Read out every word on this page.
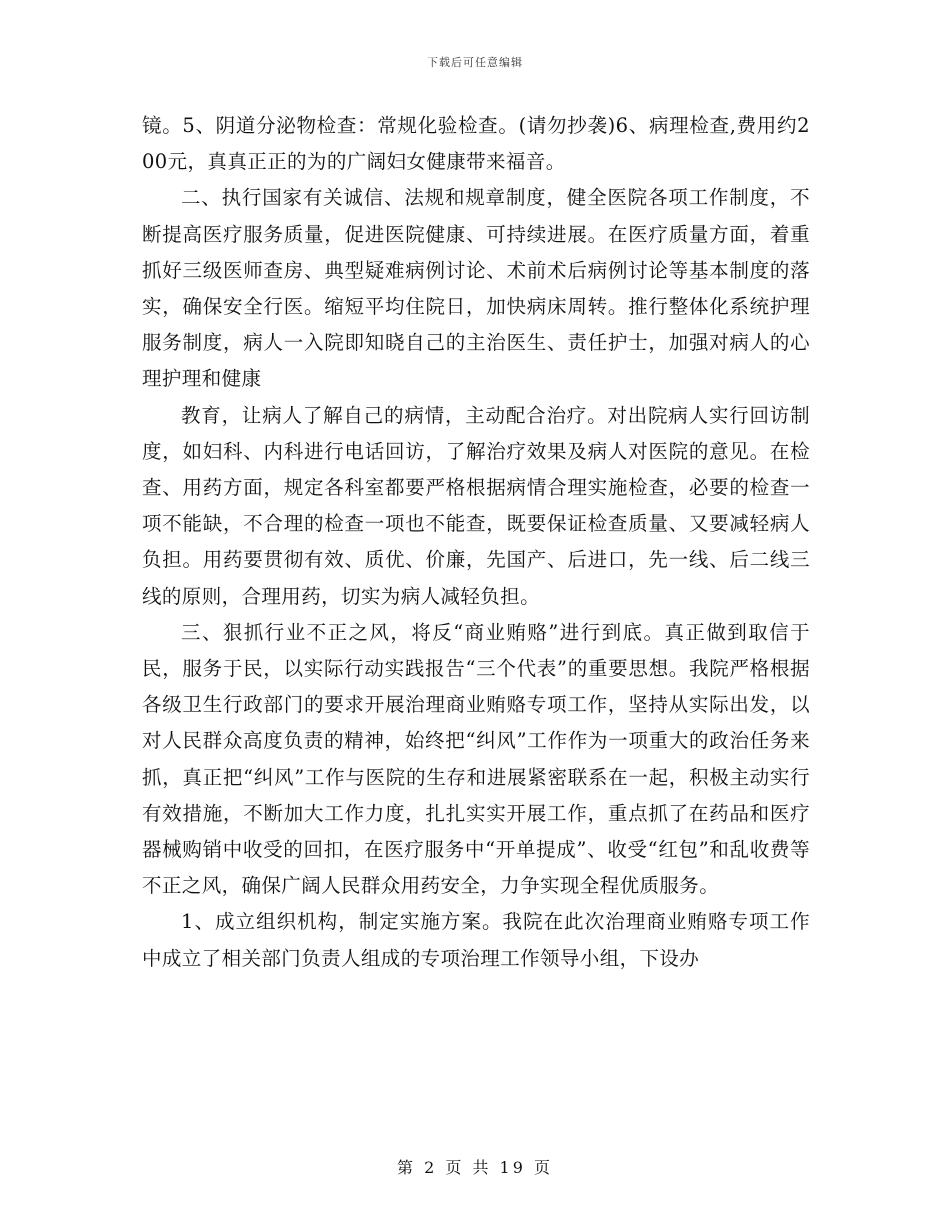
下载后可任意编辑

镜。5、阴道分泌物检查：常规化验检查。(请勿抄袭)6、病理检查,费用约200元，真真正正的为的广阔妇女健康带来福音。

二、执行国家有关诚信、法规和规章制度，健全医院各项工作制度，不断提高医疗服务质量，促进医院健康、可持续进展。在医疗质量方面，着重抓好三级医师查房、典型疑难病例讨论、术前术后病例讨论等基本制度的落实，确保安全行医。缩短平均住院日，加快病床周转。推行整体化系统护理服务制度，病人一入院即知晓自己的主治医生、责任护士，加强对病人的心理护理和健康

教育，让病人了解自己的病情，主动配合治疗。对出院病人实行回访制度，如妇科、内科进行电话回访，了解治疗效果及病人对医院的意见。在检查、用药方面，规定各科室都要严格根据病情合理实施检查，必要的检查一项不能缺，不合理的检查一项也不能查，既要保证检查质量、又要减轻病人负担。用药要贯彻有效、质优、价廉，先国产、后进口，先一线、后二线三线的原则，合理用药，切实为病人减轻负担。

三、狠抓行业不正之风，将反“商业贿赂”进行到底。真正做到取信于民，服务于民，以实际行动实践报告“三个代表”的重要思想。我院严格根据各级卫生行政部门的要求开展治理商业贿赂专项工作，坚持从实际出发，以对人民群众高度负责的精神，始终把“纠风”工作作为一项重大的政治任务来抓，真正把“纠风”工作与医院的生存和进展紧密联系在一起，积极主动实行有效措施，不断加大工作力度，扎扎实实开展工作，重点抓了在药品和医疗器械购销中收受的回扣，在医疗服务中“开单提成”、收受“红包”和乱收费等不正之风，确保广阔人民群众用药安全，力争实现全程优质服务。

1、成立组织机构，制定实施方案。我院在此次治理商业贿赂专项工作中成立了相关部门负责人组成的专项治理工作领导小组，下设办

第 2 页 共 19 页
